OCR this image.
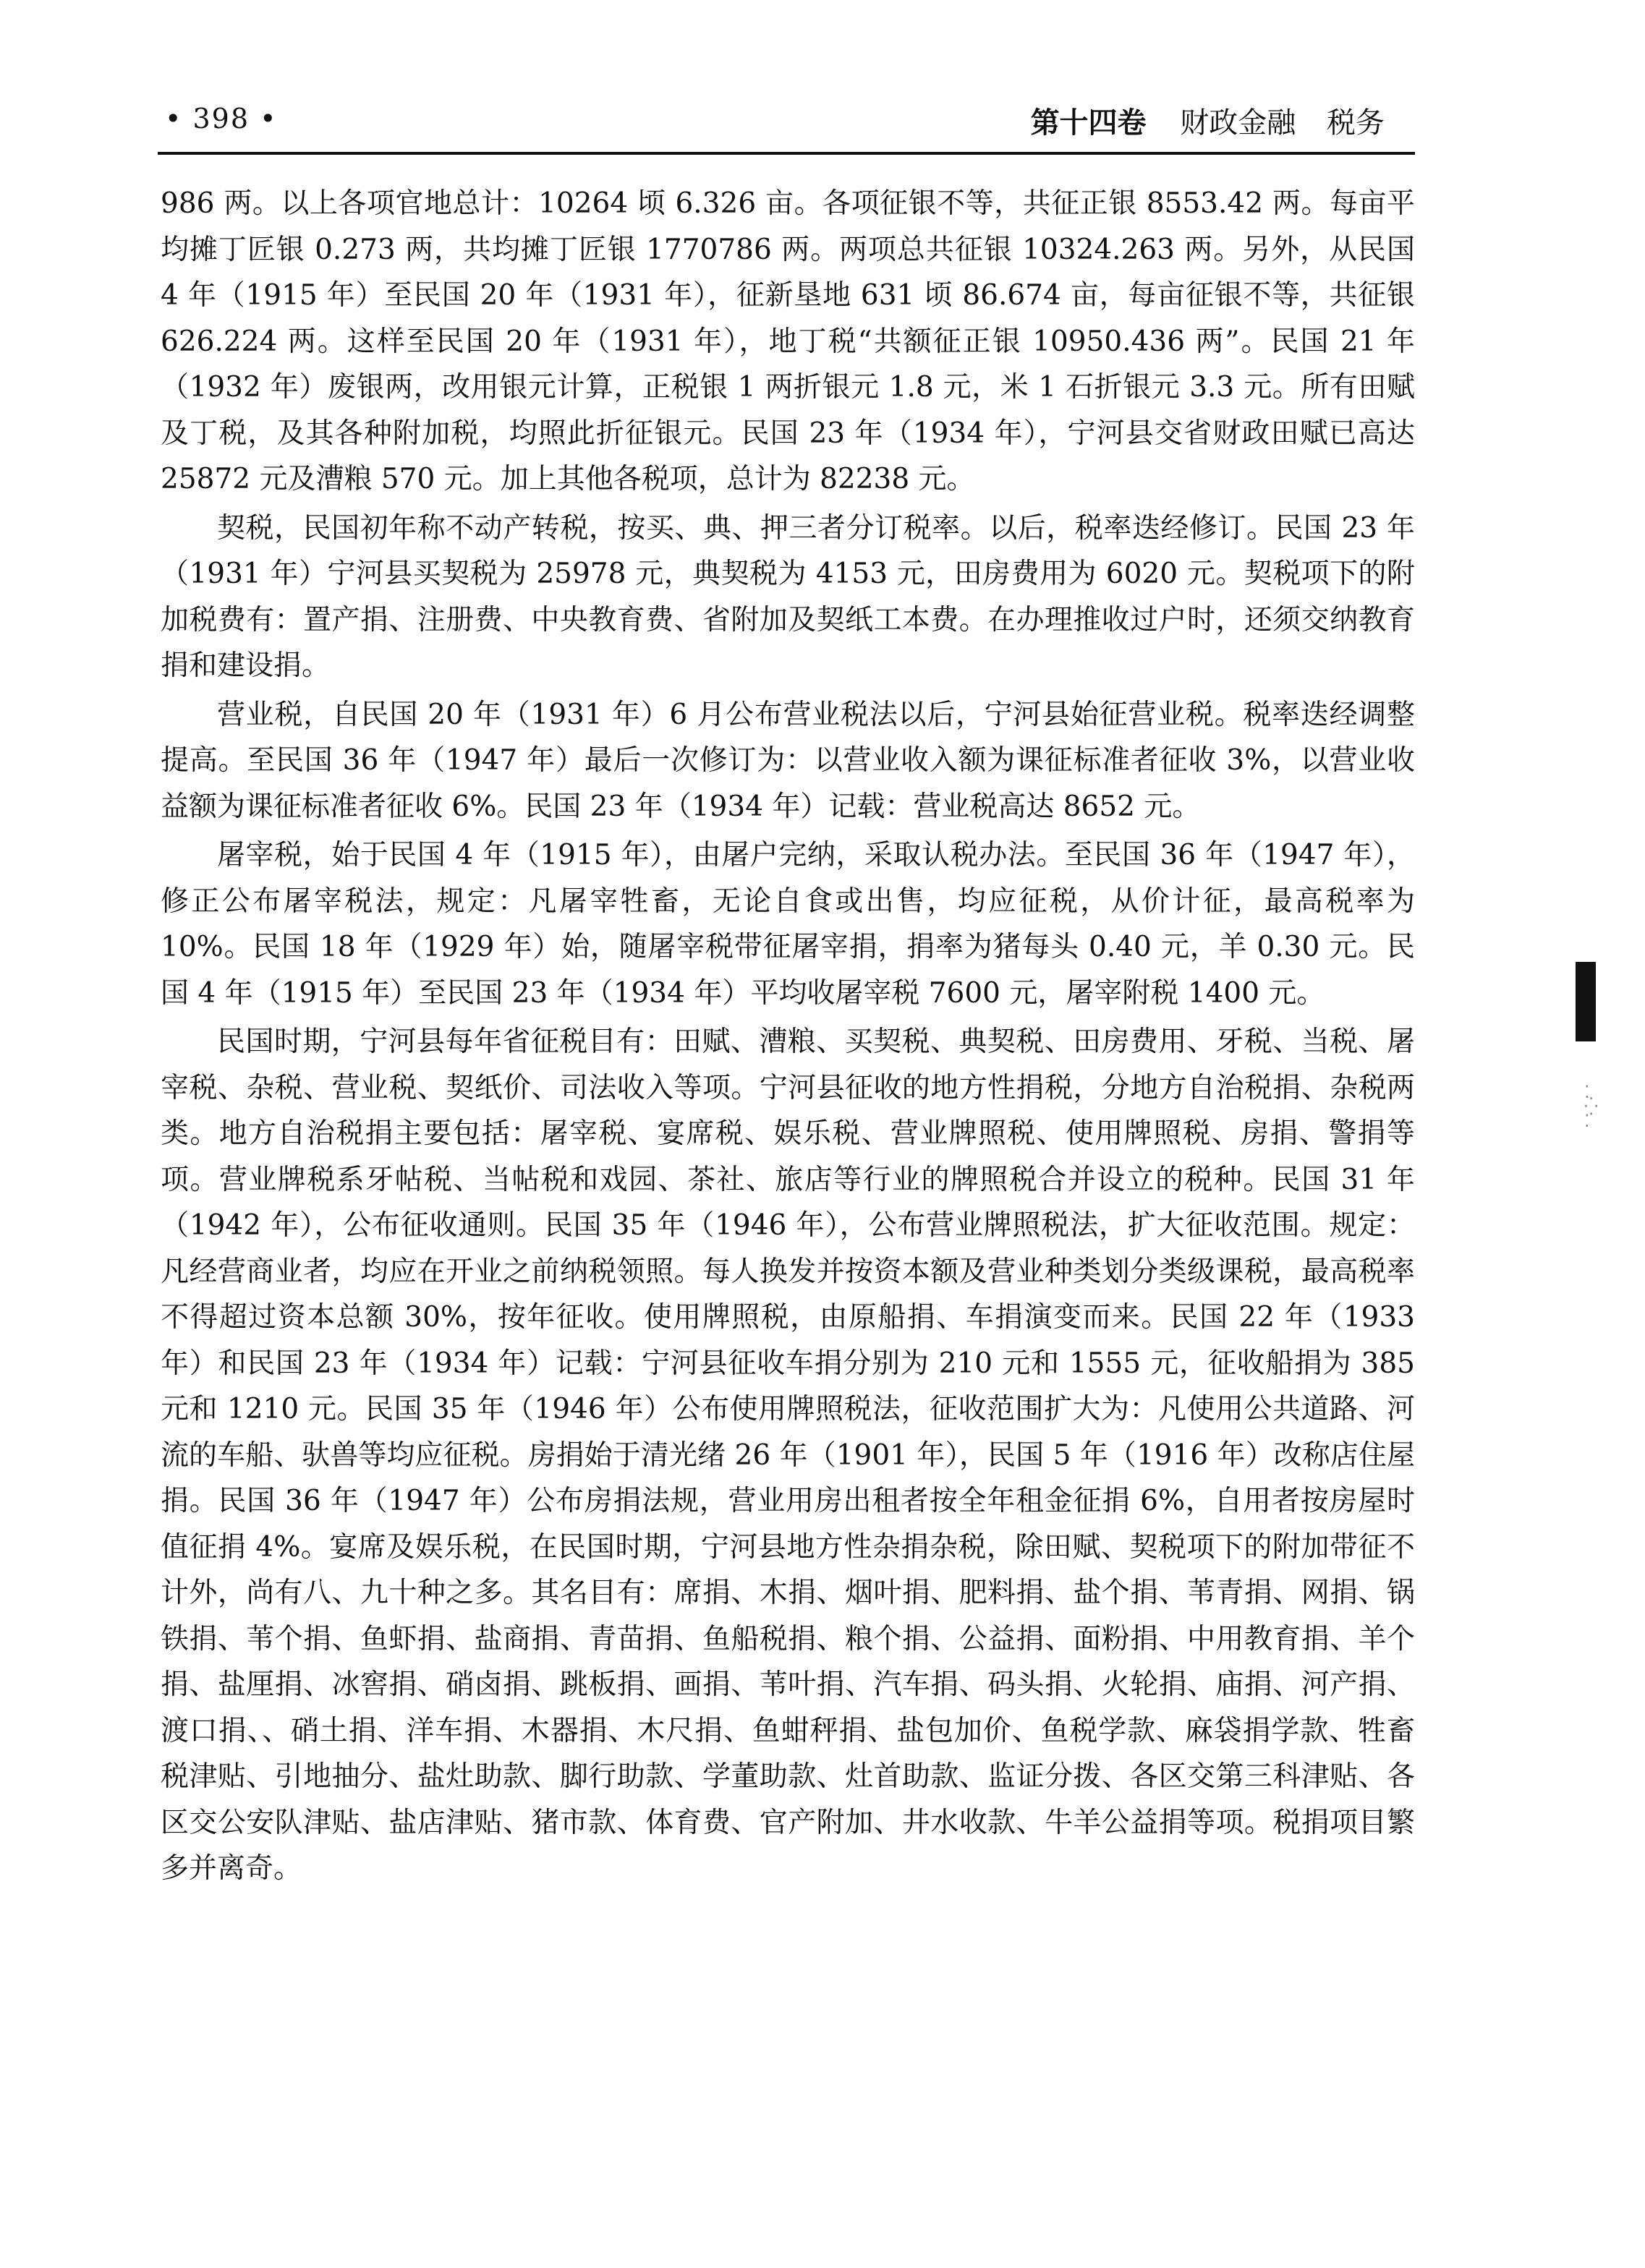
• 398 •	第十四卷 财政金融 税务

986 两。以上各项官地总计：10264 顷 6.326 亩。各项征银不等，共征正银 8553.42 两。每亩平均摊丁匠银 0.273 两，共均摊丁匠银 1770786 两。两项总共征银 10324.263 两。另外，从民国 4 年（1915 年）至民国 20 年（1931 年），征新垦地 631 顷 86.674 亩，每亩征银不等，共征银 626.224 两。这样至民国 20 年（1931 年），地丁税“共额征正银 10950.436 两”。民国 21 年（1932 年）废银两，改用银元计算，正税银 1 两折银元 1.8 元，米 1 石折银元 3.3 元。所有田赋及丁税，及其各种附加税，均照此折征银元。民国 23 年（1934 年），宁河县交省财政田赋已高达 25872 元及漕粮 570 元。加上其他各税项，总计为 82238 元。

契税，民国初年称不动产转税，按买、典、押三者分订税率。以后，税率迭经修订。民国 23 年（1931 年）宁河县买契税为 25978 元，典契税为 4153 元，田房费用为 6020 元。契税项下的附加税费有：置产捐、注册费、中央教育费、省附加及契纸工本费。在办理推收过户时，还须交纳教育捐和建设捐。

营业税，自民国 20 年（1931 年）6 月公布营业税法以后，宁河县始征营业税。税率迭经调整提高。至民国 36 年（1947 年）最后一次修订为：以营业收入额为课征标准者征收 3%，以营业收益额为课征标准者征收 6%。民国 23 年（1934 年）记载：营业税高达 8652 元。

屠宰税，始于民国 4 年（1915 年），由屠户完纳，采取认税办法。至民国 36 年（1947 年），修正公布屠宰税法，规定：凡屠宰牲畜，无论自食或出售，均应征税，从价计征，最高税率为 10%。民国 18 年（1929 年）始，随屠宰税带征屠宰捐，捐率为猪每头 0.40 元，羊 0.30 元。民国 4 年（1915 年）至民国 23 年（1934 年）平均收屠宰税 7600 元，屠宰附税 1400 元。

民国时期，宁河县每年省征税目有：田赋、漕粮、买契税、典契税、田房费用、牙税、当税、屠宰税、杂税、营业税、契纸价、司法收入等项。宁河县征收的地方性捐税，分地方自治税捐、杂税两类。地方自治税捐主要包括：屠宰税、宴席税、娱乐税、营业牌照税、使用牌照税、房捐、警捐等项。营业牌税系牙帖税、当帖税和戏园、茶社、旅店等行业的牌照税合并设立的税种。民国 31 年（1942 年），公布征收通则。民国 35 年（1946 年），公布营业牌照税法，扩大征收范围。规定：凡经营商业者，均应在开业之前纳税领照。每人换发并按资本额及营业种类划分类级课税，最高税率不得超过资本总额 30%，按年征收。使用牌照税，由原船捐、车捐演变而来。民国 22 年（1933 年）和民国 23 年（1934 年）记载：宁河县征收车捐分别为 210 元和 1555 元，征收船捐为 385 元和 1210 元。民国 35 年（1946 年）公布使用牌照税法，征收范围扩大为：凡使用公共道路、河流的车船、驮兽等均应征税。房捐始于清光绪 26 年（1901 年），民国 5 年（1916 年）改称店住屋捐。民国 36 年（1947 年）公布房捐法规，营业用房出租者按全年租金征捐 6%，自用者按房屋时值征捐 4%。宴席及娱乐税，在民国时期，宁河县地方性杂捐杂税，除田赋、契税项下的附加带征不计外，尚有八、九十种之多。其名目有：席捐、木捐、烟叶捐、肥料捐、盐个捐、苇青捐、网捐、锅铁捐、苇个捐、鱼虾捐、盐商捐、青苗捐、鱼船税捐、粮个捐、公益捐、面粉捐、中用教育捐、羊个捐、盐厘捐、冰窖捐、硝卤捐、跳板捐、画捐、苇叶捐、汽车捐、码头捐、火轮捐、庙捐、河产捐、渡口捐、、硝土捐、洋车捐、木器捐、木尺捐、鱼蚶秤捐、盐包加价、鱼税学款、麻袋捐学款、牲畜税津贴、引地抽分、盐灶助款、脚行助款、学董助款、灶首助款、监证分拨、各区交第三科津贴、各区交公安队津贴、盐店津贴、猪市款、体育费、官产附加、井水收款、牛羊公益捐等项。税捐项目繁多并离奇。

⁚
⁛
⁚
